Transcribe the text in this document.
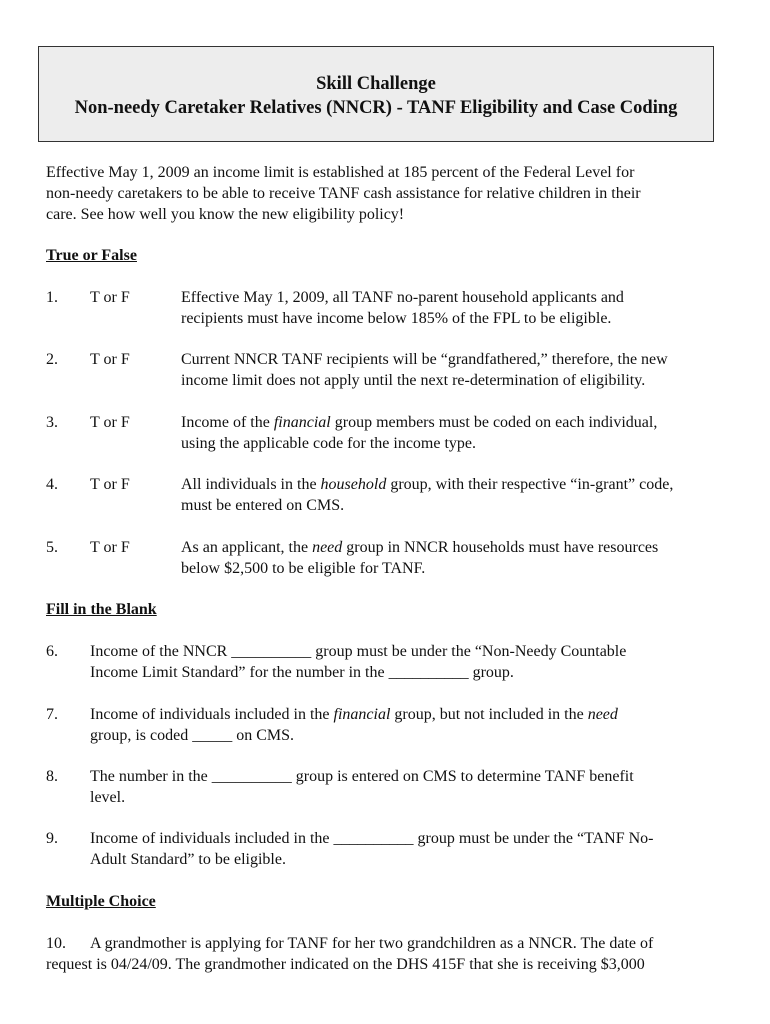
Skill Challenge
Non-needy Caretaker Relatives (NNCR) - TANF Eligibility and Case Coding
Effective May 1, 2009 an income limit is established at 185 percent of the Federal Level for
non-needy caretakers to be able to receive TANF cash assistance for relative children in their
care. See how well you know the new eligibility policy!
True or False
1. T or F	Effective May 1, 2009, all TANF no-parent household applicants and
recipients must have income below 185% of the FPL to be eligible.
2. T or F	Current NNCR TANF recipients will be “grandfathered,” therefore, the new
income limit does not apply until the next re-determination of eligibility.
3. T or F	Income of the financial group members must be coded on each individual,
using the applicable code for the income type.
4. T or F	All individuals in the household group, with their respective “in-grant” code,
must be entered on CMS.
5. T or F	As an applicant, the need group in NNCR households must have resources
below $2,500 to be eligible for TANF.
Fill in the Blank
6. Income of the NNCR __________ group must be under the “Non-Needy Countable
Income Limit Standard” for the number in the __________ group.
7. Income of individuals included in the financial group, but not included in the need
group, is coded _____ on CMS.
8. The number in the __________ group is entered on CMS to determine TANF benefit
level.
9. Income of individuals included in the __________ group must be under the “TANF No-
Adult Standard” to be eligible.
Multiple Choice
10. A grandmother is applying for TANF for her two grandchildren as a NNCR. The date of
request is 04/24/09. The grandmother indicated on the DHS 415F that she is receiving $3,000
